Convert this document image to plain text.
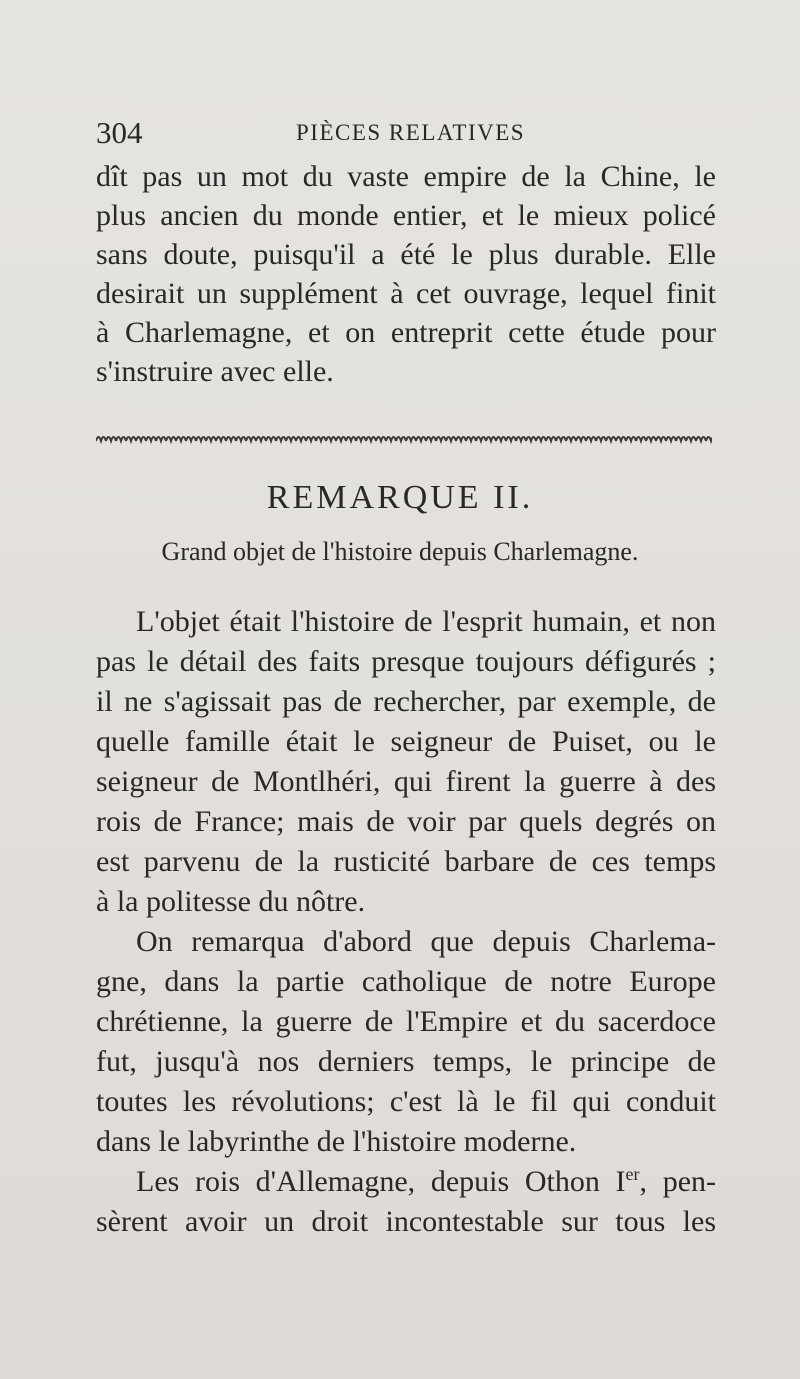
304	PIÈCES RELATIVES
dît pas un mot du vaste empire de la Chine, le
plus ancien du monde entier, et le mieux policé
sans doute, puisqu'il a été le plus durable. Elle
desirait un supplément à cet ouvrage, lequel finit
à Charlemagne, et on entreprit cette étude pour
s'instruire avec elle.
REMARQUE II.
Grand objet de l'histoire depuis Charlemagne.
L'objet était l'histoire de l'esprit humain, et non
pas le détail des faits presque toujours défigurés ;
il ne s'agissait pas de rechercher, par exemple, de
quelle famille était le seigneur de Puiset, ou le
seigneur de Montlhéri, qui firent la guerre à des
rois de France; mais de voir par quels degrés on
est parvenu de la rusticité barbare de ces temps
à la politesse du nôtre.
On remarqua d'abord que depuis Charlema-
gne, dans la partie catholique de notre Europe
chrétienne, la guerre de l'Empire et du sacerdoce
fut, jusqu'à nos derniers temps, le principe de
toutes les révolutions; c'est là le fil qui conduit
dans le labyrinthe de l'histoire moderne.
Les rois d'Allemagne, depuis Othon Ier, pen-
sèrent avoir un droit incontestable sur tous les
